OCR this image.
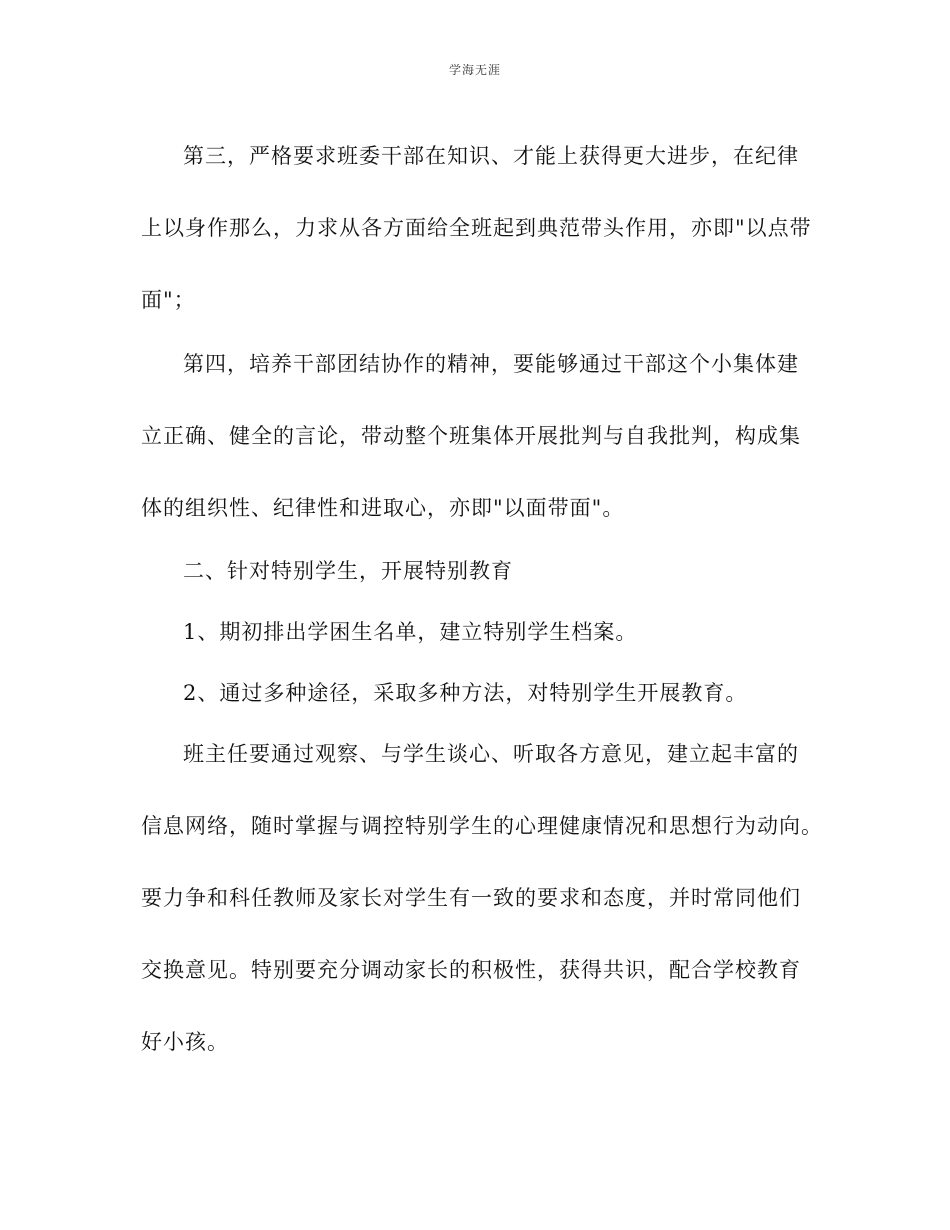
学海无涯
第三，严格要求班委干部在知识、才能上获得更大进步，在纪律
上以身作那么，力求从各方面给全班起到典范带头作用，亦即"以点带
面"；
第四，培养干部团结协作的精神，要能够通过干部这个小集体建
立正确、健全的言论，带动整个班集体开展批判与自我批判，构成集
体的组织性、纪律性和进取心，亦即"以面带面"。
二、针对特别学生，开展特别教育
1、期初排出学困生名单，建立特别学生档案。
2、通过多种途径，采取多种方法，对特别学生开展教育。
班主任要通过观察、与学生谈心、听取各方意见，建立起丰富的
信息网络，随时掌握与调控特别学生的心理健康情况和思想行为动向。
要力争和科任教师及家长对学生有一致的要求和态度，并时常同他们
交换意见。特别要充分调动家长的积极性，获得共识，配合学校教育
好小孩。
